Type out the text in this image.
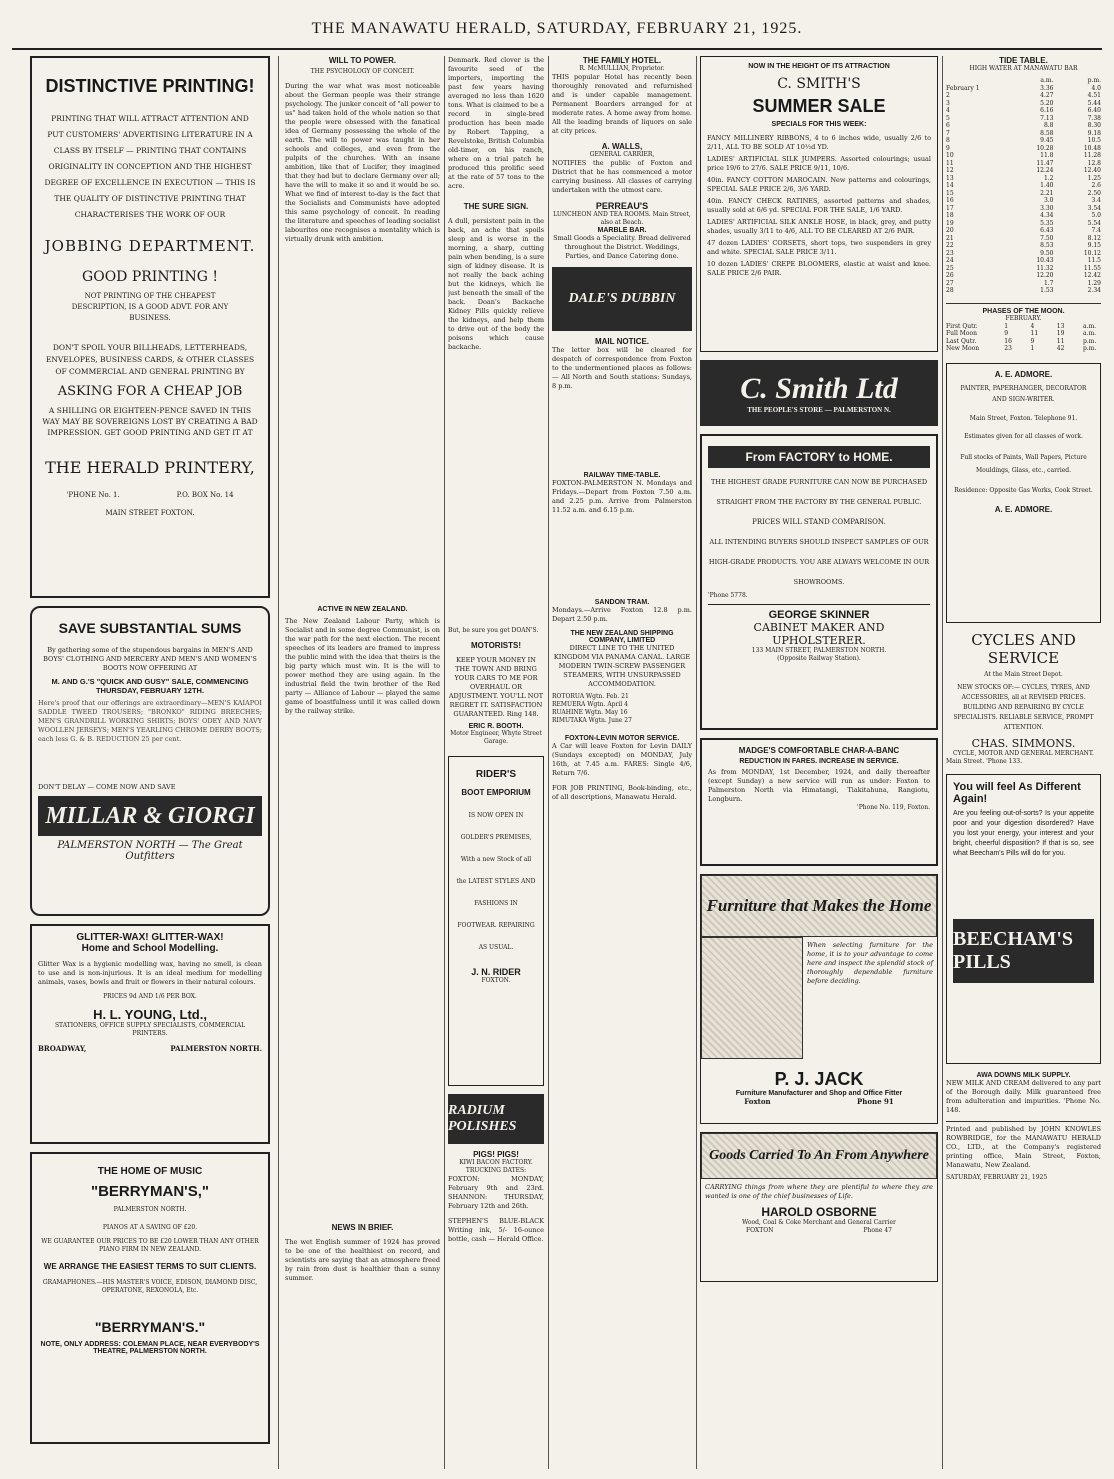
THE MANAWATU HERALD, SATURDAY, FEBRUARY 21, 1925.
DISTINCTIVE PRINTING!
PRINTING THAT WILL ATTRACT ATTENTION AND PUT CUSTOMERS' ADVERTISING LITERATURE IN A CLASS BY ITSELF — PRINTING THAT CONTAINS ORIGINALITY IN CONCEPTION AND THE HIGHEST DEGREE OF EXCELLENCE IN EXECUTION — THIS IS THE QUALITY OF DISTINCTIVE PRINTING THAT CHARACTERISES THE WORK OF OUR
JOBBING DEPARTMENT.
GOOD PRINTING !
NOT PRINTING OF THE CHEAPEST DESCRIPTION, IS A GOOD ADVT. FOR ANY BUSINESS.
DON'T SPOIL YOUR BILLHEADS, LETTERHEADS, ENVELOPES, BUSINESS CARDS, & OTHER CLASSES OF COMMERCIAL AND GENERAL PRINTING BY
ASKING FOR A CHEAP JOB
A SHILLING OR EIGHTEEN-PENCE SAVED IN THIS WAY MAY BE SOVEREIGNS LOST BY CREATING A BAD IMPRESSION. GET GOOD PRINTING AND GET IT AT
THE HERALD PRINTERY,
'PHONE No. 1.	P.O. BOX No. 14
MAIN STREET FOXTON.
SAVE SUBSTANTIAL SUMS
By gathering some of the stupendous bargains in MEN'S AND BOYS' CLOTHING AND MERCERY AND MEN'S AND WOMEN'S BOOTS NOW OFFERING AT
M. AND G.'S "QUICK AND GUSY" SALE, COMMENCING THURSDAY, FEBRUARY 12TH.
Here's proof that our offerings are extraordinary—MEN'S KAIAPOI SADDLE TWEED TROUSERS; "BRONKO" RIDING BREECHES; MEN'S GRANDRILL WORKING SHIRTS; BOYS' ODEY AND NAVY WOOLLEN JERSEYS; MEN'S YEARLING CHROME DERBY BOOTS; each less G. & B. REDUCTION 25 per cent.
DON'T DELAY — COME NOW AND SAVE
MILLAR & GIORGI
PALMERSTON NORTH — The Great Outfitters
GLITTER-WAX! GLITTER-WAX!
Home and School Modelling.
Glitter Wax is a hygienic modelling wax, having no smell, is clean to use and is non-injurious. It is an ideal medium for modelling animals, vases, bowls and fruit or flowers in their natural colours.
PRICES 9d AND 1/6 PER BOX.
H. L. YOUNG, Ltd.,
STATIONERS, OFFICE SUPPLY SPECIALISTS, COMMERCIAL PRINTERS.
BROADWAY,	PALMERSTON NORTH.
THE HOME OF MUSIC
"BERRYMAN'S,"
PALMERSTON NORTH.
PIANOS AT A SAVING OF £20.
WE GUARANTEE OUR PRICES TO BE £20 LOWER THAN ANY OTHER PIANO FIRM IN NEW ZEALAND.
WE ARRANGE THE EASIEST TERMS TO SUIT CLIENTS.
GRAMAPHONES.—HIS MASTER'S VOICE, EDISON, DIAMOND DISC, OPERATONE, REXONOLA, Etc.
"BERRYMAN'S."
NOTE, ONLY ADDRESS: COLEMAN PLACE, NEAR EVERYBODY'S THEATRE, PALMERSTON NORTH.
WILL TO POWER.
THE PSYCHOLOGY OF CONCEIT.
During the war what was most noticeable about the German people was their strange psychology. The junker conceit of "all power to us" had taken hold of the whole nation so that the people were obsessed with the fanatical idea of Germany possessing the whole of the earth. The will to power was taught in her schools and colleges, and even from the pulpits of the churches. With an insane ambition, like that of Lucifer, they imagined that they had but to declare Germany over all; have the will to make it so and it would be so. What we find of interest to-day is the fact that the Socialists and Communists have adopted this same psychology of conceit. In reading the literature and speeches of leading socialist labourites one recognises a mentality which is virtually drunk with ambition.
ACTIVE IN NEW ZEALAND.
The New Zealand Labour Party, which is Socialist and in some degree Communist, is on the war path for the next election. The recent speeches of its leaders are framed to impress the public mind with the idea that theirs is the big party which must win. It is the will to power method they are using again. In the industrial field the twin brother of the Red party — Alliance of Labour — played the same game of boastfulness until it was called down by the railway strike.
NEWS IN BRIEF.
The wet English summer of 1924 has proved to be one of the healthiest on record, and scientists are saying that an atmosphere freed by rain from dust is healthier than a sunny summer.
Denmark. Red clover is the favourite seed of the importers, importing the past few years having averaged no less than 1620 tons. What is claimed to be a record in single-bred production has been made by Robert Tapping, a Revelstoke, British Columbia old-timer, on his ranch, where on a trial patch he produced this prolific seed at the rate of 57 tons to the acre.
THE SURE SIGN.
A dull, persistent pain in the back, an ache that spoils sleep and is worse in the morning, a sharp, cutting pain when bending, is a sure sign of kidney disease. It is not really the back aching but the kidneys, which lie just beneath the small of the back. Doan's Backache Kidney Pills quickly relieve the kidneys, and help them to drive out of the body the poisons which cause backache.
But, be sure you get DOAN'S.
MOTORISTS!
KEEP YOUR MONEY IN THE TOWN AND BRING YOUR CARS TO ME FOR OVERHAUL OR ADJUSTMENT. YOU'LL NOT REGRET IT. SATISFACTION GUARANTEED. Ring 148.
ERIC R. BOOTH.
Motor Engineer, Whyte Street Garage.
RIDER'S
BOOT EMPORIUM
IS NOW OPEN IN GOLDER'S PREMISES, With a new Stock of all the LATEST STYLES AND FASHIONS IN FOOTWEAR. REPAIRING AS USUAL.
J. N. RIDER
FOXTON.
RADIUM POLISHES
PIGS! PIGS!
KIWI BACON FACTORY.
TRUCKING DATES:
FOXTON: MONDAY, February 9th and 23rd. SHANNON: THURSDAY, February 12th and 26th.
STEPHEN'S BLUE-BLACK Writing ink, 5/- 16-ounce bottle, cash — Herald Office.
THE FAMILY HOTEL.
R. McMULLIAN, Proprietor.
THIS popular Hotel has recently been thoroughly renovated and refurnished and is under capable management. Permanent Boarders arranged for at moderate rates. A home away from home. All the leading brands of liquors on sale at city prices.
A. WALLS,
GENERAL CARRIER,
NOTIFIES the public of Foxton and District that he has commenced a motor carrying business. All classes of carrying undertaken with the utmost care.
PERREAU'S
LUNCHEON AND TEA ROOMS. Main Street, also at Beach.
MARBLE BAR.
Small Goods a Speciality. Bread delivered throughout the District. Weddings, Parties, and Dance Catering done.
DALE'S DUBBIN
MAIL NOTICE.
The letter box will be cleared for despatch of correspondence from Foxton to the undermentioned places as follows:— All North and South stations: Sundays, 8 p.m.
RAILWAY TIME-TABLE.
FOXTON-PALMERSTON N. Mondays and Fridays.—Depart from Foxton 7.50 a.m. and 2.25 p.m. Arrive from Palmerston 11.52 a.m. and 6.15 p.m.
SANDON TRAM.
Mondays.—Arrive Foxton 12.8 p.m. Depart 2.50 p.m.
THE NEW ZEALAND SHIPPING COMPANY, LIMITED
DIRECT LINE TO THE UNITED KINGDOM VIA PANAMA CANAL. LARGE MODERN TWIN-SCREW PASSENGER STEAMERS, WITH UNSURPASSED ACCOMMODATION.
ROTORUA Wgtn. Feb. 21
REMUERA Wgtn. April 4
RUAHINE Wgtn. May 16
RIMUTAKA Wgtn. June 27
FOXTON-LEVIN MOTOR SERVICE.
A Car will leave Foxton for Levin DAILY (Sundays excepted) on MONDAY, July 16th, at 7.45 a.m. FARES: Single 4/6, Return 7/6.
FOR JOB PRINTING, Book-binding, etc., of all descriptions, Manawatu Herald.
NOW IN THE HEIGHT OF ITS ATTRACTION
C. SMITH'S
SUMMER SALE
SPECIALS FOR THIS WEEK:
FANCY MILLINERY RIBBONS, 4 to 6 inches wide, usually 2/6 to 2/11, ALL TO BE SOLD AT 10½d YD.
LADIES' ARTIFICIAL SILK JUMPERS. Assorted colourings; usual price 19/6 to 27/6. SALE PRICE 9/11, 10/6.
40in. FANCY COTTON MAROCAIN. New patterns and colourings, SPECIAL SALE PRICE 2/6, 3/6 YARD.
40in. FANCY CHECK RATINES, assorted patterns and shades, usually sold at 6/6 yd. SPECIAL FOR THE SALE, 1/6 YARD.
LADIES' ARTIFICIAL SILK ANKLE HOSE, in black, grey, and putty shades, usually 3/11 to 4/6, ALL TO BE CLEARED AT 2/6 PAIR.
47 dozen LADIES' CORSETS, short tops, two suspenders in grey and white. SPECIAL SALE PRICE 3/11.
10 dozen LADIES' CREPE BLOOMERS, elastic at waist and knee. SALE PRICE 2/6 PAIR.
C. Smith Ltd
THE PEOPLE'S STORE — PALMERSTON N.
From FACTORY to HOME.
THE HIGHEST GRADE FURNITURE CAN NOW BE PURCHASED STRAIGHT FROM THE FACTORY BY THE GENERAL PUBLIC.
PRICES WILL STAND COMPARISON.
ALL INTENDING BUYERS SHOULD INSPECT SAMPLES OF OUR HIGH-GRADE PRODUCTS. YOU ARE ALWAYS WELCOME IN OUR SHOWROOMS.
'Phone 5778.
GEORGE SKINNER
CABINET MAKER AND UPHOLSTERER.
133 MAIN STREET, PALMERSTON NORTH.
(Opposite Railway Station).
MADGE'S COMFORTABLE CHAR-A-BANC
REDUCTION IN FARES. INCREASE IN SERVICE.
As from MONDAY, 1st December, 1924, and daily thereafter (except Sunday) a new service will run as under: Foxton to Palmerston North via Himatangi, Tiakitahuna, Rangiotu, Longburn.
'Phone No. 119, Foxton.
Furniture that Makes the Home
When selecting furniture for the home, it is to your advantage to come here and inspect the splendid stock of thoroughly dependable furniture before deciding.
P. J. JACK
Furniture Manufacturer and Shop and Office Fitter
Foxton	Phone 91
Goods Carried To An From Anywhere
CARRYING things from where they are plentiful to where they are wanted is one of the chief businesses of Life.
HAROLD OSBORNE
Wood, Coal & Coke Merchant and General Carrier
FOXTON	Phone 47
TIDE TABLE.
HIGH WATER AT MANAWATU BAR
a.m.	p.m.
February 1	3.36	4.0
2	4.27	4.51
3	5.20	5.44
4	6.16	6.40
5	7.13	7.38
6	8.8	8.30
7	8.58	9.18
8	9.45	10.5
9	10.28	10.48
10	11.8	11.28
11	11.47	12.8
12	12.24	12.40
13	1.2	1.25
14	1.40	2.6
15	2.21	2.50
16	3.0	3.4
17	3.30	3.54
18	4.34	5.0
19	5.35	5.54
20	6.43	7.4
21	7.50	8.12
22	8.53	9.15
23	9.50	10.12
24	10.43	11.5
25	11.32	11.55
26	12.20	12.42
27	1.7	1.29
28	1.53	2.34
PHASES OF THE MOON.
FEBRUARY.
First Qutr.	1	4	13	a.m.
Full Moon	9	11	19	a.m.
Last Qutr.	16	9	11	p.m.
New Moon	23	1	42	p.m.
A. E. ADMORE.
PAINTER, PAPERHANGER, DECORATOR AND SIGN-WRITER.
Main Street, Foxton. Telephone 91.
Estimates given for all classes of work.
Full stocks of Paints, Wall Papers, Picture Mouldings, Glass, etc., carried.
Residence: Opposite Gas Works, Cook Street.
A. E. ADMORE.
CYCLES AND SERVICE
At the Main Street Depot.
NEW STOCKS OF:— CYCLES, TYRES, AND ACCESSORIES, all at REVISED PRICES. BUILDING AND REPAIRING BY CYCLE SPECIALISTS. RELIABLE SERVICE, PROMPT ATTENTION.
CHAS. SIMMONS.
CYCLE, MOTOR AND GENERAL MERCHANT.
Main Street. 'Phone 133.
You will feel As Different Again!
Are you feeling out-of-sorts? Is your appetite poor and your digestion disordered? Have you lost your energy, your interest and your bright, cheerful disposition? If that is so, see what Beecham's Pills will do for you.
BEECHAM'S PILLS
AWA DOWNS MILK SUPPLY.
NEW MILK AND CREAM delivered to any part of the Borough daily. Milk guaranteed free from adulteration and impurities. 'Phone No. 148.
Printed and published by JOHN KNOWLES ROWBRIDGE, for the MANAWATU HERALD CO., LTD., at the Company's registered printing office, Main Street, Foxton, Manawatu, New Zealand.
SATURDAY, FEBRUARY 21, 1925
